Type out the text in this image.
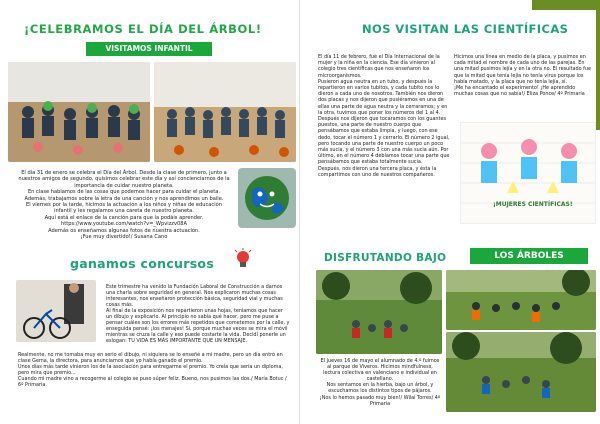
¡CELEBRAMOS EL DÍA DEL ÁRBOL!
VISITAMOS INFANTIL
El día 31 de enero se celebra el Día del Árbol. Desde la clase de primero, junto a nuestros amigos de segundo, quisimos celebrar este día y así concienciarnos de la importancia de cuidar nuestro planeta.
En clase hablamos de las cosas que podemos hacer para cuidar el planeta. Además, trabajamos sobre la letra de una canción y nos aprendimos un baile.
El viernes por la tarde, hicimos la actuación a los niños y niñas de educación infantil y les regalamos una careta de nuestro planeta.
Aquí está el enlace de la canción para que la podáis aprender.
https://www.youtube.com/watch?v=_Wpvizzv08A
Además os enseñamos algunas fotos de nuestra actuación.
¡Fue muy divertido!/ Susana Cano
ganamos concursos
Este trimestre ha venido la Fundación Laboral de Construcción a darnos una charla sobre seguridad en general. Nos explicaron muchas cosas interesantes, nos enseñaron protección básica, seguridad vial y muchas cosas más.
Al final de la exposición nos repartieron unas hojas, teníamos que hacer un dibujo y explicarlo. Al principio no sabía qué hacer, pero me puse a pensar cuáles son los errores más repetidos que cometemos por la calle, y enseguida pensé: ¡los menajes! Sí, porque muchas veces se mira el móvil mientras se cruza la calle y eso puede costarte la vida. Decidí ponerle un eslogan: TU VIDA ES MÁS IMPORTANTE QUE UN MENSAJE.
Realmente, no me tomaba muy en serio el dibujo, ni siquiera se lo enseñé a mi madre, pero un día entró en clase Gema, la directora, para anunciarnos que yo había ganado el premio.
Unos días más tarde vinieron los de la asociación para entregarme el premio. Yo creía que sería un diploma, pero mira que premio...
Cuando mi madre vino a recogerme al colegio se puso súper feliz. Bueno, nos pusimos las dos./ María Botuc / 6º Primaria.
NOS VISITAN LAS CIENTÍFICAS
El día 11 de febrero, fué el Día Internacional de la mujer y la niña en la ciencia. Ese día vinieron al colegio tres científicas que nos enseñaron los microorganismos.
Pusieron agua neutra en un tubo, y después la repartieron en varios tubitos, y cada tubito nos lo dieron a cada uno de nosotros. También nos dieron dos placas y nos dijeron que pusiéramos en una de ellas una parte de agua neutra y la cerraramos; y en la otra, tuvimos que poner los números del 1 al 4.
Después nos dijeron que tocaramos con los guantes puestos, una parte de nuestro cuerpo que pensábamos que estaba limpia, y luego, con ese dedo, tocar el número 1 y cerrarlo. El número 2 igual, pero tocando una parte de nuestro cuerpo un poco más sucia, y el número 3 con una más sucia aún. Por último, en el número 4 debíamos tocar una parte que pensábamos que estaba totalmente sucia.
Después, nos dieron una tercera placa, y ésta la compartimos con uno de nuestros compañeros.
Hicimos una línea en medio de la placa, y pusimos en cada mitad el nombre de cada uno de las parejas. En una mitad pusimos lejía y en la otra no. El resultado fue que la mitad que tenía lejía no tenía virus porque los había matado, y la placa que no tenía lejía, sí.
¡Me ha encantado el experimento! ¡He aprendido muchas cosas que no sabía!/ Eliza Ponce/ 4º Primaria
¡MUJERES CIENTÍFICAS!
DISFRUTANDO BAJO	LOS ÁRBOLES
El jueves 16 de mayo el alumnado de 4.º fuimos al parque de Viveros. Hicimos mindfulness, lectura colectiva en valenciano e individual en castellano.
Nos sentamos en la hierba, bajo un árbol, y escuchamos los distintos tipos de pájaros.
¡Nos lo hemos pasado muy bien!/ Wilai Torres/ 4º Primaria
